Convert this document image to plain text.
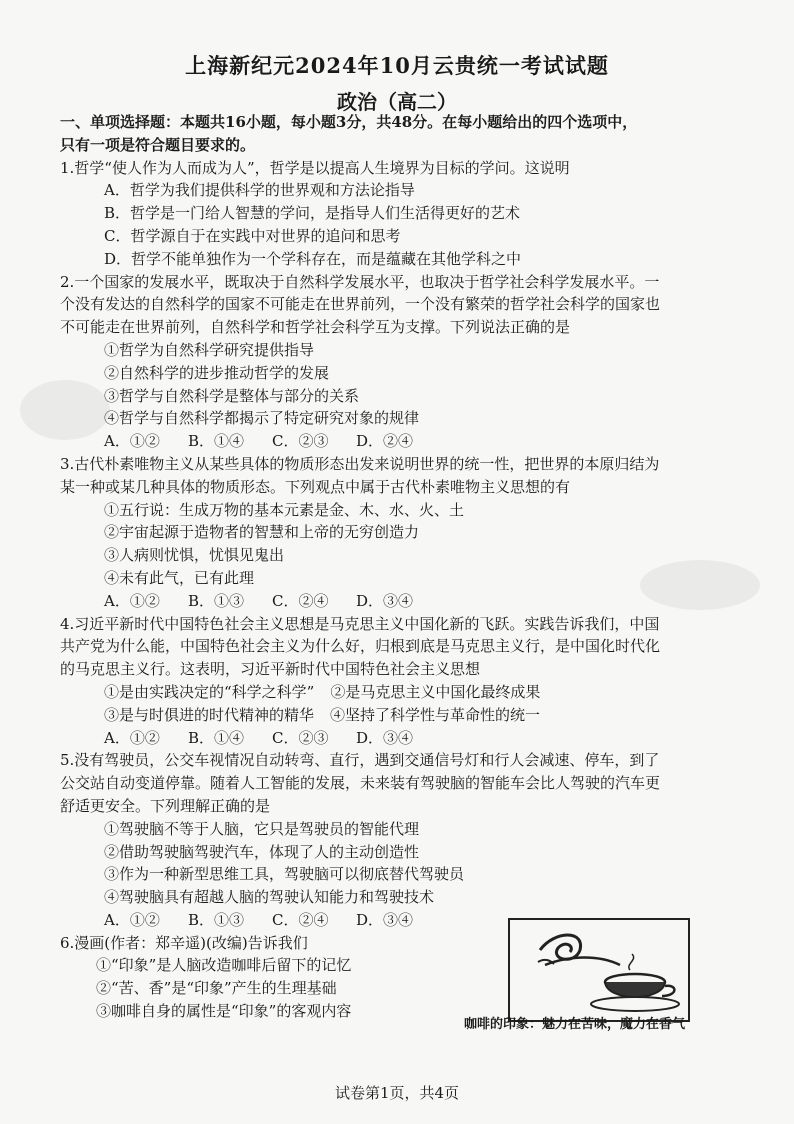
上海新纪元2024年10月云贵统一考试试题
政治（高二）
一、单项选择题：本题共16小题，每小题3分，共48分。在每小题给出的四个选项中，
只有一项是符合题目要求的。
1.哲学“使人作为人而成为人”，哲学是以提高人生境界为目标的学问。这说明
A．哲学为我们提供科学的世界观和方法论指导
B．哲学是一门给人智慧的学问，是指导人们生活得更好的艺术
C．哲学源自于在实践中对世界的追问和思考
D．哲学不能单独作为一个学科存在，而是蕴藏在其他学科之中
2.一个国家的发展水平，既取决于自然科学发展水平，也取决于哲学社会科学发展水平。一
个没有发达的自然科学的国家不可能走在世界前列，一个没有繁荣的哲学社会科学的国家也
不可能走在世界前列，自然科学和哲学社会科学互为支撑。下列说法正确的是
①哲学为自然科学研究提供指导
②自然科学的进步推动哲学的发展
③哲学与自然科学是整体与部分的关系
④哲学与自然科学都揭示了特定研究对象的规律
A．①② B．①④ C．②③ D．②④
3.古代朴素唯物主义从某些具体的物质形态出发来说明世界的统一性，把世界的本原归结为
某一种或某几种具体的物质形态。下列观点中属于古代朴素唯物主义思想的有
①五行说：生成万物的基本元素是金、木、水、火、土
②宇宙起源于造物者的智慧和上帝的无穷创造力
③人病则忧惧，忧惧见鬼出
④未有此气，已有此理
A．①② B．①③ C．②④ D．③④
4.习近平新时代中国特色社会主义思想是马克思主义中国化新的飞跃。实践告诉我们，中国
共产党为什么能，中国特色社会主义为什么好，归根到底是马克思主义行，是中国化时代化
的马克思主义行。这表明，习近平新时代中国特色社会主义思想
①是由实践决定的“科学之科学” ②是马克思主义中国化最终成果
③是与时俱进的时代精神的精华 ④坚持了科学性与革命性的统一
A．①② B．①④ C．②③ D．③④
5.没有驾驶员，公交车视情况自动转弯、直行，遇到交通信号灯和行人会减速、停车，到了
公交站自动变道停靠。随着人工智能的发展，未来装有驾驶脑的智能车会比人驾驶的汽车更
舒适更安全。下列理解正确的是
①驾驶脑不等于人脑，它只是驾驶员的智能代理
②借助驾驶脑驾驶汽车，体现了人的主动创造性
③作为一种新型思维工具，驾驶脑可以彻底替代驾驶员
④驾驶脑具有超越人脑的驾驶认知能力和驾驶技术
A．①② B．①③ C．②④ D．③④
6.漫画(作者：郑辛遥)(改编)告诉我们
①“印象”是人脑改造咖啡后留下的记忆
②“苦、香”是“印象”产生的生理基础
③咖啡自身的属性是“印象”的客观内容
咖啡的印象：魅力在苦味，魔力在香气
试卷第1页，共4页
